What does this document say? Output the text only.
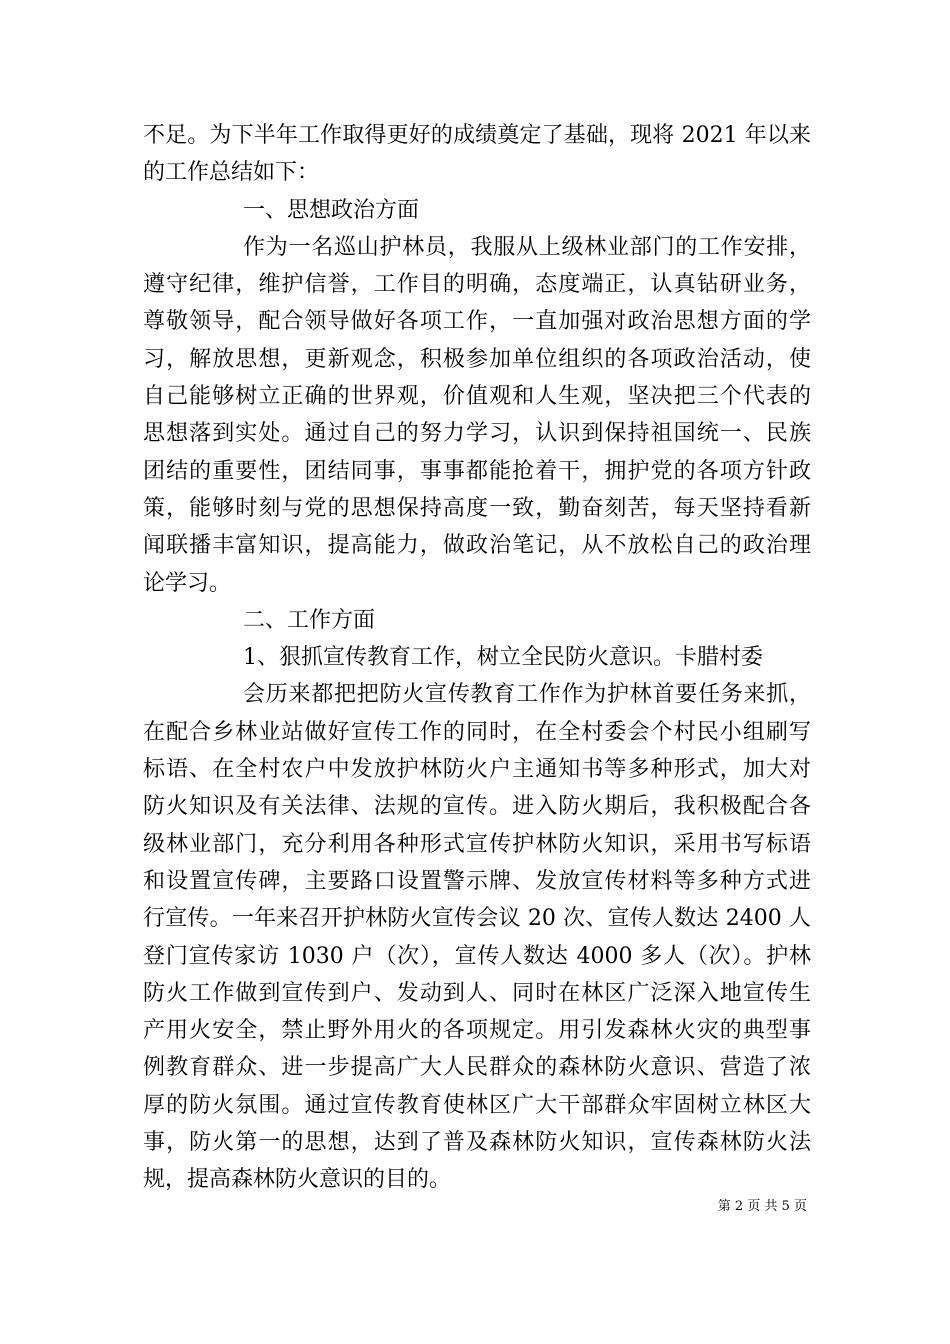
不足。为下半年工作取得更好的成绩奠定了基础，现将 2021 年以来
的工作总结如下：
一、思想政治方面
作为一名巡山护林员，我服从上级林业部门的工作安排，
遵守纪律，维护信誉，工作目的明确，态度端正，认真钻研业务，
尊敬领导，配合领导做好各项工作，一直加强对政治思想方面的学
习，解放思想，更新观念，积极参加单位组织的各项政治活动，使
自己能够树立正确的世界观，价值观和人生观，坚决把三个代表的
思想落到实处。通过自己的努力学习，认识到保持祖国统一、民族
团结的重要性，团结同事，事事都能抢着干，拥护党的各项方针政
策，能够时刻与党的思想保持高度一致，勤奋刻苦，每天坚持看新
闻联播丰富知识，提高能力，做政治笔记，从不放松自己的政治理
论学习。
二、工作方面
1、狠抓宣传教育工作，树立全民防火意识。卡腊村委
会历来都把把防火宣传教育工作作为护林首要任务来抓，
在配合乡林业站做好宣传工作的同时，在全村委会个村民小组刷写
标语、在全村农户中发放护林防火户主通知书等多种形式，加大对
防火知识及有关法律、法规的宣传。进入防火期后，我积极配合各
级林业部门，充分利用各种形式宣传护林防火知识，采用书写标语
和设置宣传碑，主要路口设置警示牌、发放宣传材料等多种方式进
行宣传。一年来召开护林防火宣传会议 20 次、宣传人数达 2400 人
登门宣传家访 1030 户（次），宣传人数达 4000 多人（次）。护林
防火工作做到宣传到户、发动到人、同时在林区广泛深入地宣传生
产用火安全，禁止野外用火的各项规定。用引发森林火灾的典型事
例教育群众、进一步提高广大人民群众的森林防火意识、营造了浓
厚的防火氛围。通过宣传教育使林区广大干部群众牢固树立林区大
事，防火第一的思想，达到了普及森林防火知识，宣传森林防火法
规，提高森林防火意识的目的。
第 2 页 共 5 页
